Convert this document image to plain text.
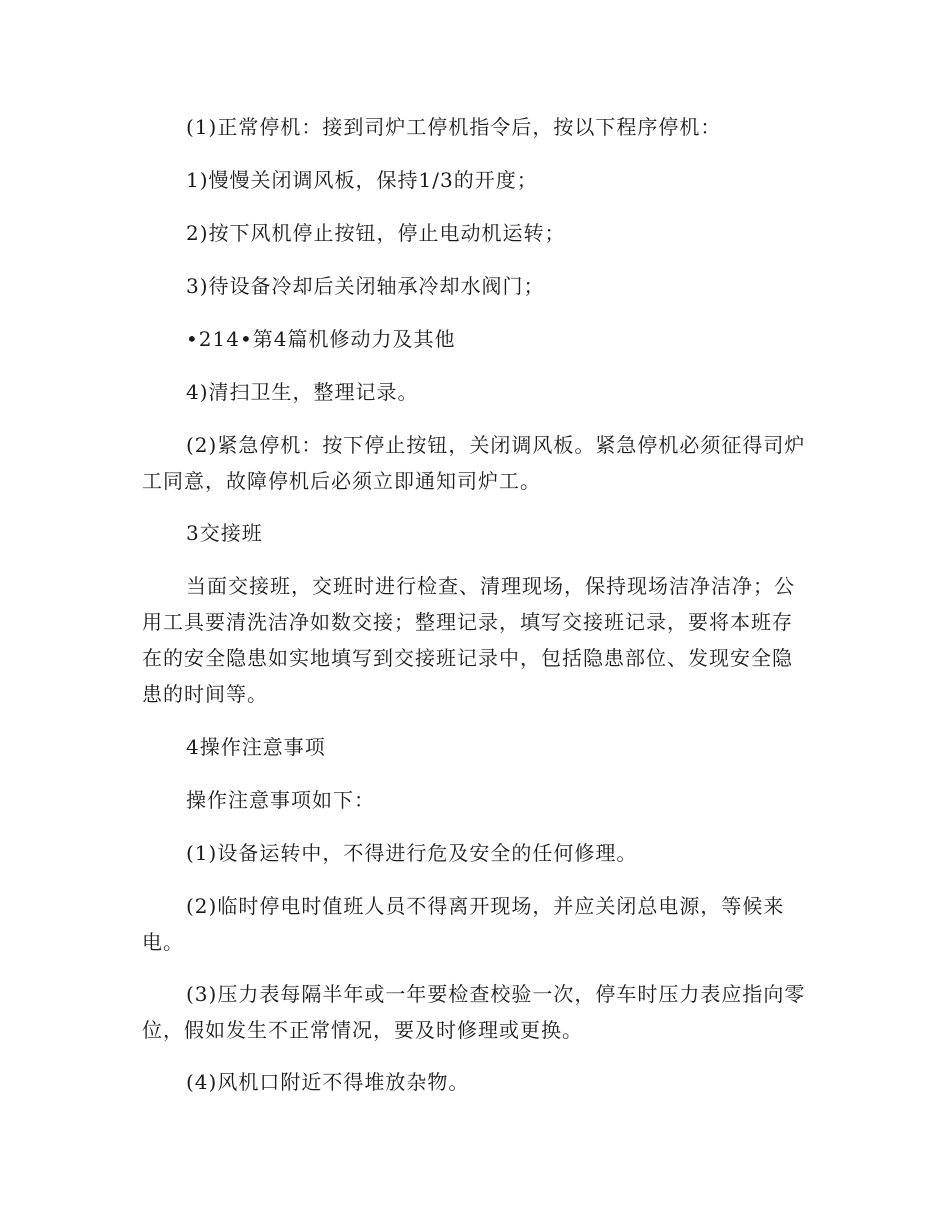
(1)正常停机：接到司炉工停机指令后，按以下程序停机：

1)慢慢关闭调风板，保持1/3的开度；

2)按下风机停止按钮，停止电动机运转；

3)待设备冷却后关闭轴承冷却水阀门；

•214•第4篇机修动力及其他

4)清扫卫生，整理记录。

(2)紧急停机：按下停止按钮，关闭调风板。紧急停机必须征得司炉工同意，故障停机后必须立即通知司炉工。

3交接班

当面交接班，交班时进行检查、清理现场，保持现场洁净洁净；公用工具要清洗洁净如数交接；整理记录，填写交接班记录，要将本班存在的安全隐患如实地填写到交接班记录中，包括隐患部位、发现安全隐患的时间等。

4操作注意事项

操作注意事项如下：

(1)设备运转中，不得进行危及安全的任何修理。

(2)临时停电时值班人员不得离开现场，并应关闭总电源，等候来电。

(3)压力表每隔半年或一年要检查校验一次，停车时压力表应指向零位，假如发生不正常情况，要及时修理或更换。

(4)风机口附近不得堆放杂物。
